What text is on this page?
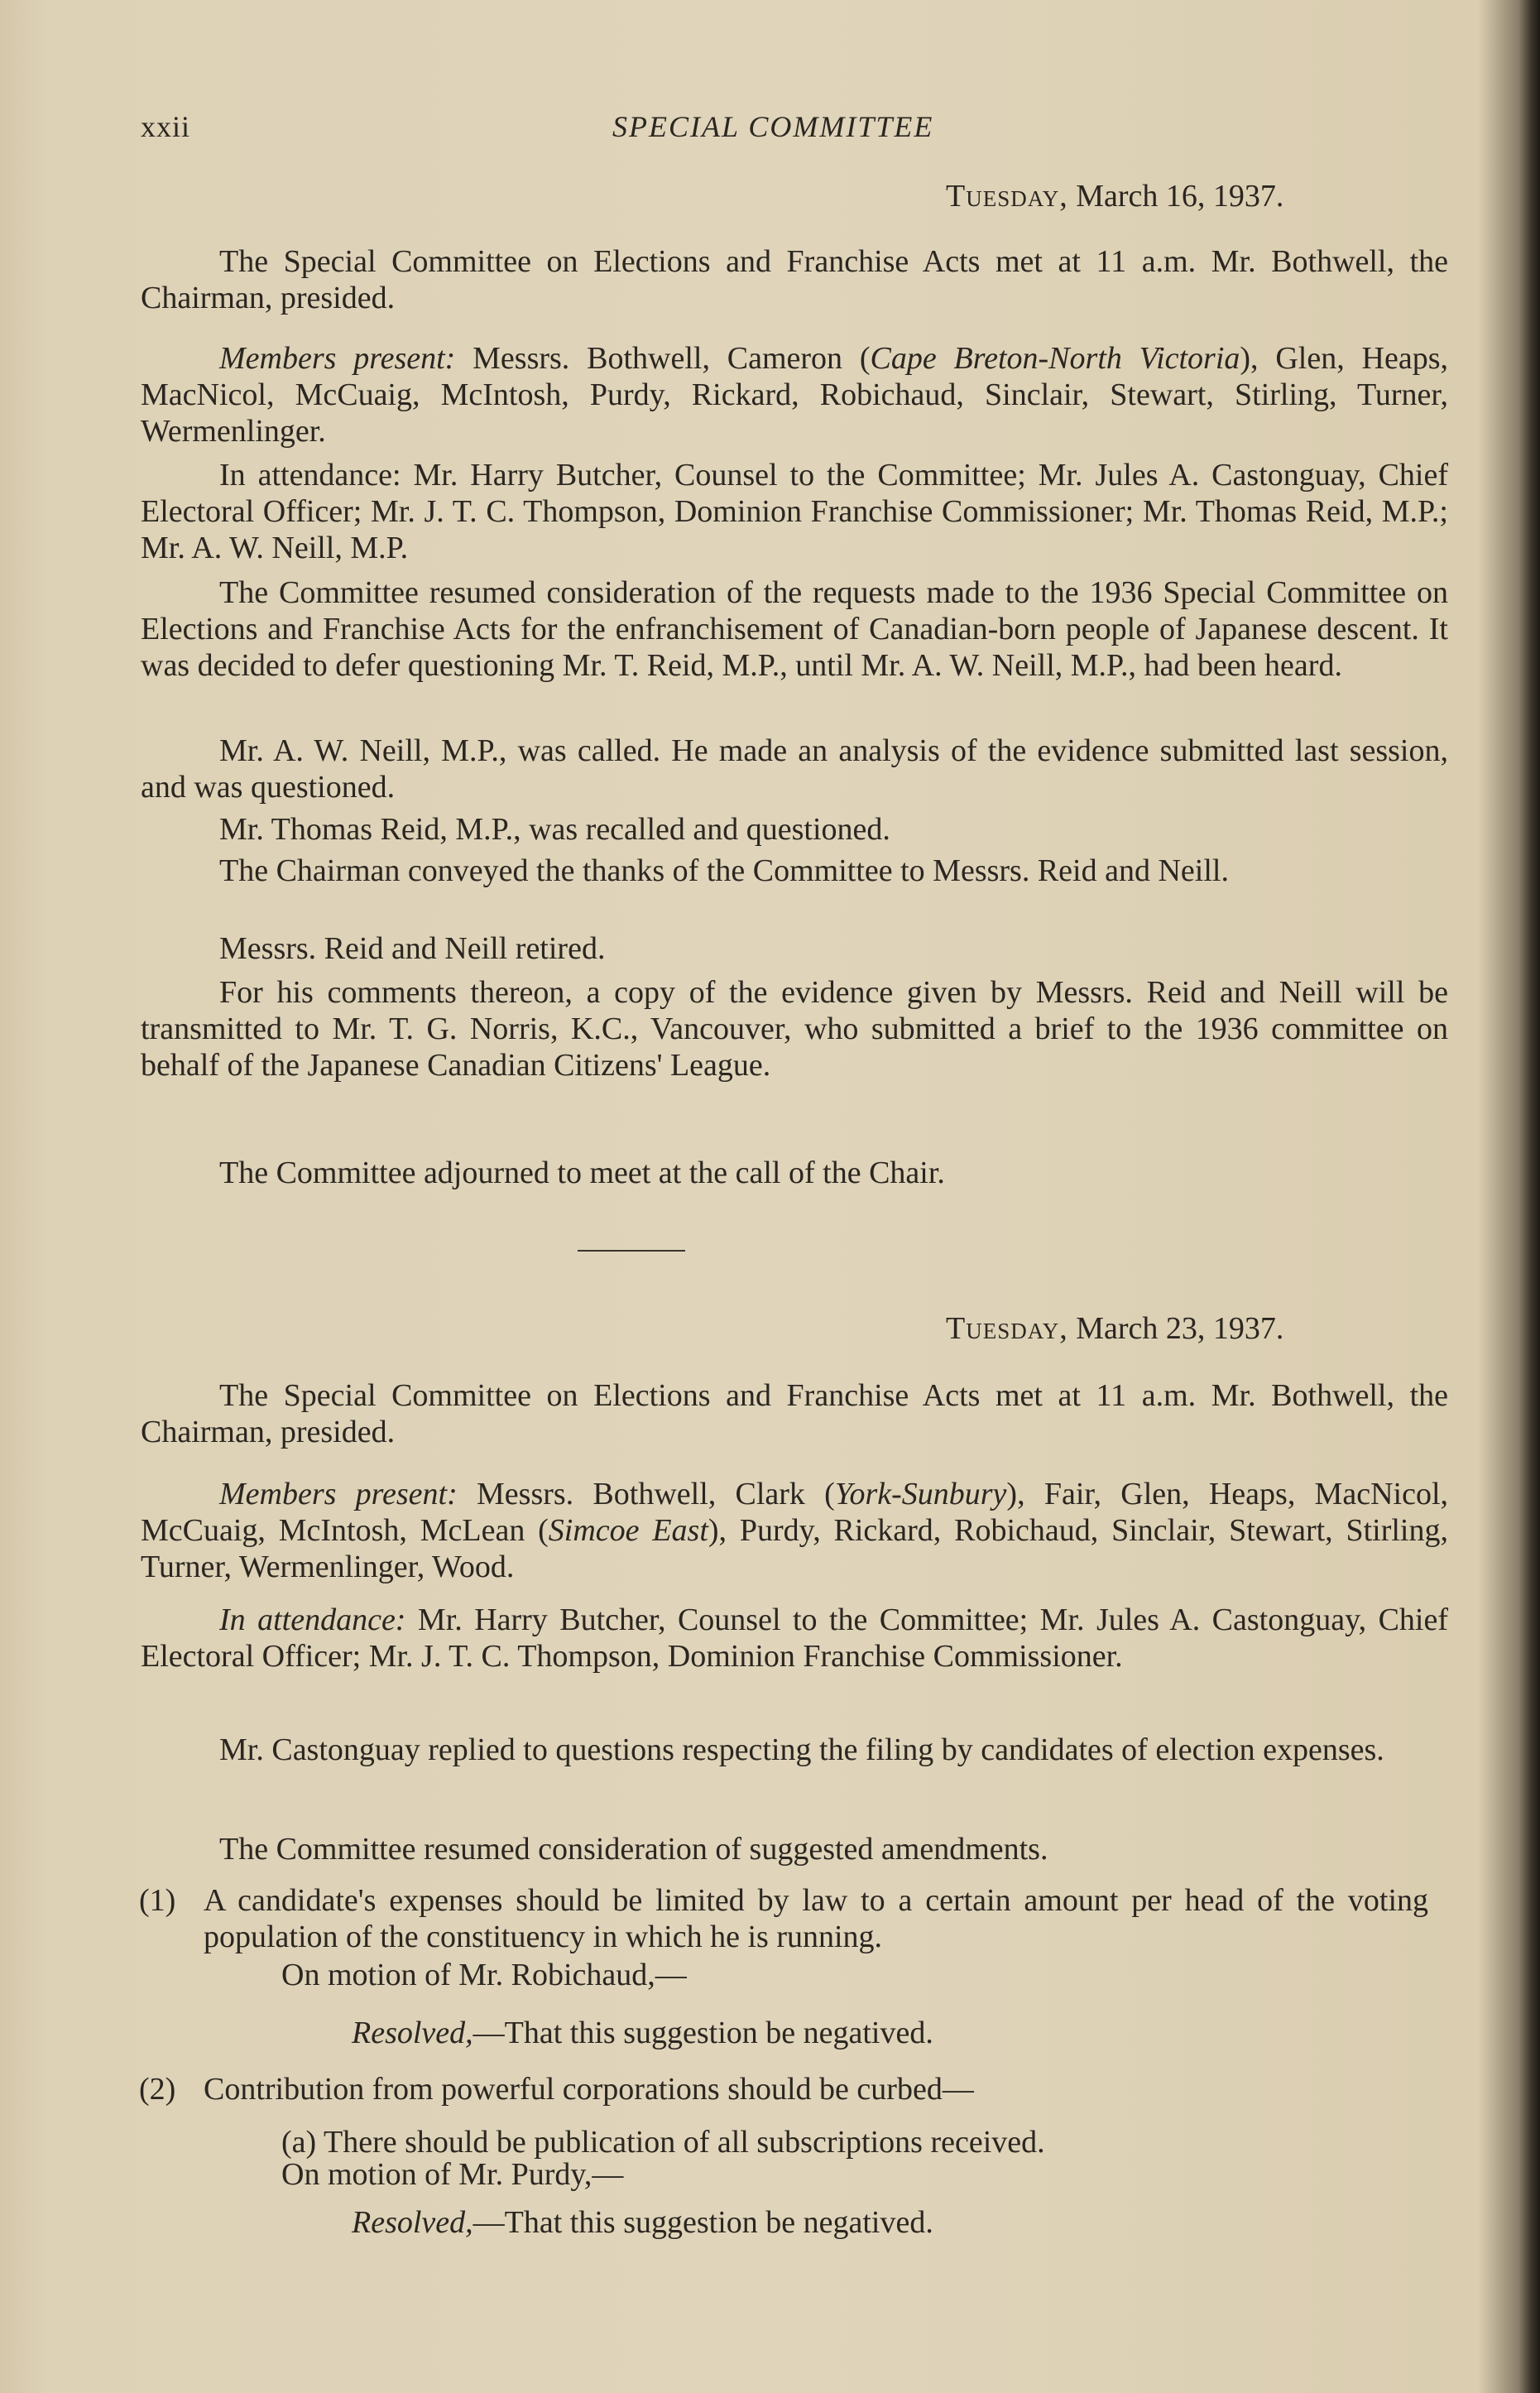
xxii	SPECIAL COMMITTEE
Tuesday, March 16, 1937.

The Special Committee on Elections and Franchise Acts met at 11 a.m. Mr. Bothwell, the Chairman, presided.

Members present: Messrs. Bothwell, Cameron (Cape Breton-North Victoria), Glen, Heaps, MacNicol, McCuaig, McIntosh, Purdy, Rickard, Robichaud, Sinclair, Stewart, Stirling, Turner, Wermenlinger.

In attendance: Mr. Harry Butcher, Counsel to the Committee; Mr. Jules A. Castonguay, Chief Electoral Officer; Mr. J. T. C. Thompson, Dominion Franchise Commissioner; Mr. Thomas Reid, M.P.; Mr. A. W. Neill, M.P.

The Committee resumed consideration of the requests made to the 1936 Special Committee on Elections and Franchise Acts for the enfranchisement of Canadian-born people of Japanese descent. It was decided to defer questioning Mr. T. Reid, M.P., until Mr. A. W. Neill, M.P., had been heard.

Mr. A. W. Neill, M.P., was called. He made an analysis of the evidence submitted last session, and was questioned.

Mr. Thomas Reid, M.P., was recalled and questioned.

The Chairman conveyed the thanks of the Committee to Messrs. Reid and Neill.

Messrs. Reid and Neill retired.

For his comments thereon, a copy of the evidence given by Messrs. Reid and Neill will be transmitted to Mr. T. G. Norris, K.C., Vancouver, who submitted a brief to the 1936 committee on behalf of the Japanese Canadian Citizens' League.

The Committee adjourned to meet at the call of the Chair.

Tuesday, March 23, 1937.

The Special Committee on Elections and Franchise Acts met at 11 a.m. Mr. Bothwell, the Chairman, presided.

Members present: Messrs. Bothwell, Clark (York-Sunbury), Fair, Glen, Heaps, MacNicol, McCuaig, McIntosh, McLean (Simcoe East), Purdy, Rickard, Robichaud, Sinclair, Stewart, Stirling, Turner, Wermenlinger, Wood.

In attendance: Mr. Harry Butcher, Counsel to the Committee; Mr. Jules A. Castonguay, Chief Electoral Officer; Mr. J. T. C. Thompson, Dominion Franchise Commissioner.

Mr. Castonguay replied to questions respecting the filing by candidates of election expenses.

The Committee resumed consideration of suggested amendments.

(1) A candidate's expenses should be limited by law to a certain amount per head of the voting population of the constituency in which he is running.

On motion of Mr. Robichaud,—
Resolved,—That this suggestion be negatived.
(2) Contribution from powerful corporations should be curbed—
(a) There should be publication of all subscriptions received.
On motion of Mr. Purdy,—
Resolved,—That this suggestion be negatived.
